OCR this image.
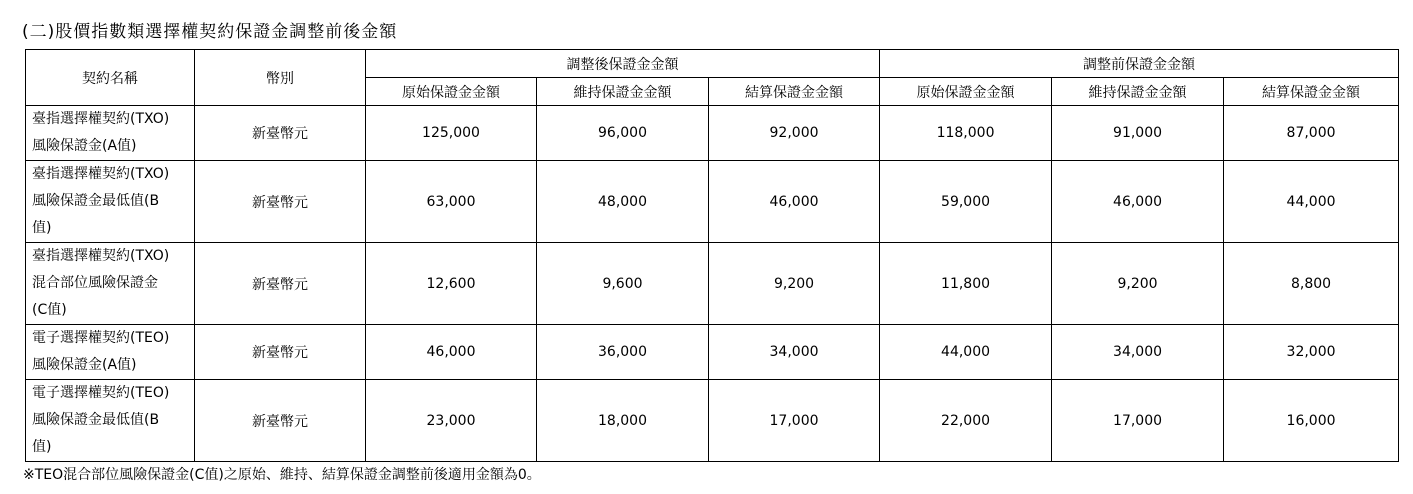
(二)股價指數類選擇權契約保證金調整前後金額
契約名稱	幣別	調整後保證金金額			調整前保證金金額		
		原始保證金金額	維持保證金金額	結算保證金金額	原始保證金金額	維持保證金金額	結算保證金金額
臺指選擇權契約(TXO)
風險保證金(A值)	新臺幣元	125,000	96,000	92,000	118,000	91,000	87,000
臺指選擇權契約(TXO)
風險保證金最低值(B
值)	新臺幣元	63,000	48,000	46,000	59,000	46,000	44,000
臺指選擇權契約(TXO)
混合部位風險保證金
(C值)	新臺幣元	12,600	9,600	9,200	11,800	9,200	8,800
電子選擇權契約(TEO)
風險保證金(A值)	新臺幣元	46,000	36,000	34,000	44,000	34,000	32,000
電子選擇權契約(TEO)
風險保證金最低值(B
值)	新臺幣元	23,000	18,000	17,000	22,000	17,000	16,000
※TEO混合部位風險保證金(C值)之原始、維持、結算保證金調整前後適用金額為0。
